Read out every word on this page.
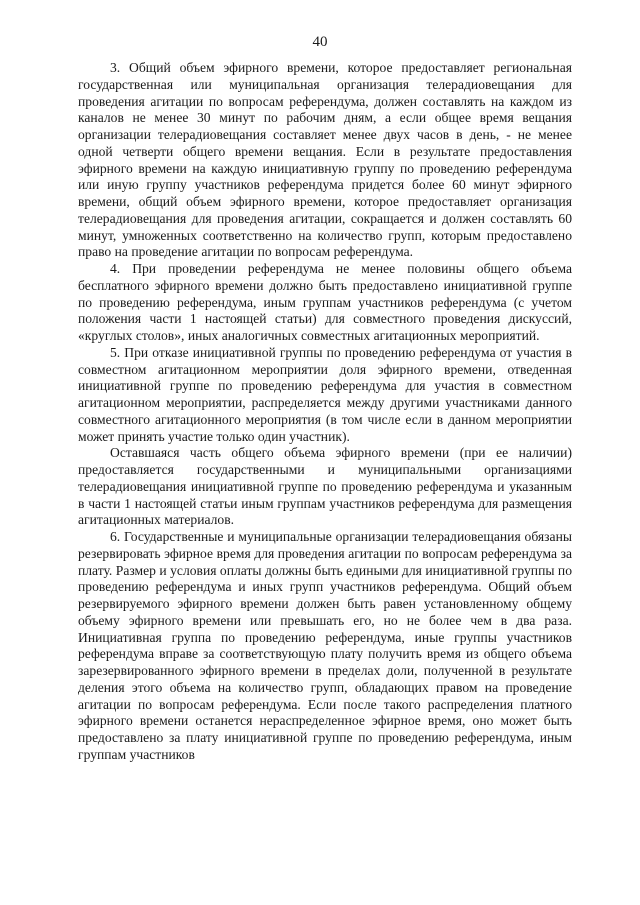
40

3. Общий объем эфирного времени, которое предоставляет региональная государственная или муниципальная организация телерадиовещания для проведения агитации по вопросам референдума, должен составлять на каждом из каналов не менее 30 минут по рабочим дням, а если общее время вещания организации телерадиовещания составляет менее двух часов в день, - не менее одной четверти общего времени вещания. Если в результате предоставления эфирного времени на каждую инициативную группу по проведению референдума или иную группу участников референдума придется более 60 минут эфирного времени, общий объем эфирного времени, которое предоставляет организация телерадиовещания для проведения агитации, сокращается и должен составлять 60 минут, умноженных соответственно на количество групп, которым предоставлено право на проведение агитации по вопросам референдума.

4. При проведении референдума не менее половины общего объема бесплатного эфирного времени должно быть предоставлено инициативной группе по проведению референдума, иным группам участников референдума (с учетом положения части 1 настоящей статьи) для совместного проведения дискуссий, «круглых столов», иных аналогичных совместных агитационных мероприятий.

5. При отказе инициативной группы по проведению референдума от участия в совместном агитационном мероприятии доля эфирного времени, отведенная инициативной группе по проведению референдума для участия в совместном агитационном мероприятии, распределяется между другими участниками данного совместного агитационного мероприятия (в том числе если в данном мероприятии может принять участие только один участник).

Оставшаяся часть общего объема эфирного времени (при ее наличии) предоставляется государственными и муниципальными организациями телерадиовещания инициативной группе по проведению референдума и указанным в части 1 настоящей статьи иным группам участников референдума для размещения агитационных материалов.

6. Государственные и муниципальные организации телерадиовещания обязаны резервировать эфирное время для проведения агитации по вопросам референдума за плату. Размер и условия оплаты должны быть едиными для инициативной группы по проведению референдума и иных групп участников референдума. Общий объем резервируемого эфирного времени должен быть равен установленному общему объему эфирного времени или превышать его, но не более чем в два раза. Инициативная группа по проведению референдума, иные группы участников референдума вправе за соответствующую плату получить время из общего объема зарезервированного эфирного времени в пределах доли, полученной в результате деления этого объема на количество групп, обладающих правом на проведение агитации по вопросам референдума. Если после такого распределения платного эфирного времени останется нераспределенное эфирное время, оно может быть предоставлено за плату инициативной группе по проведению референдума, иным группам участников
